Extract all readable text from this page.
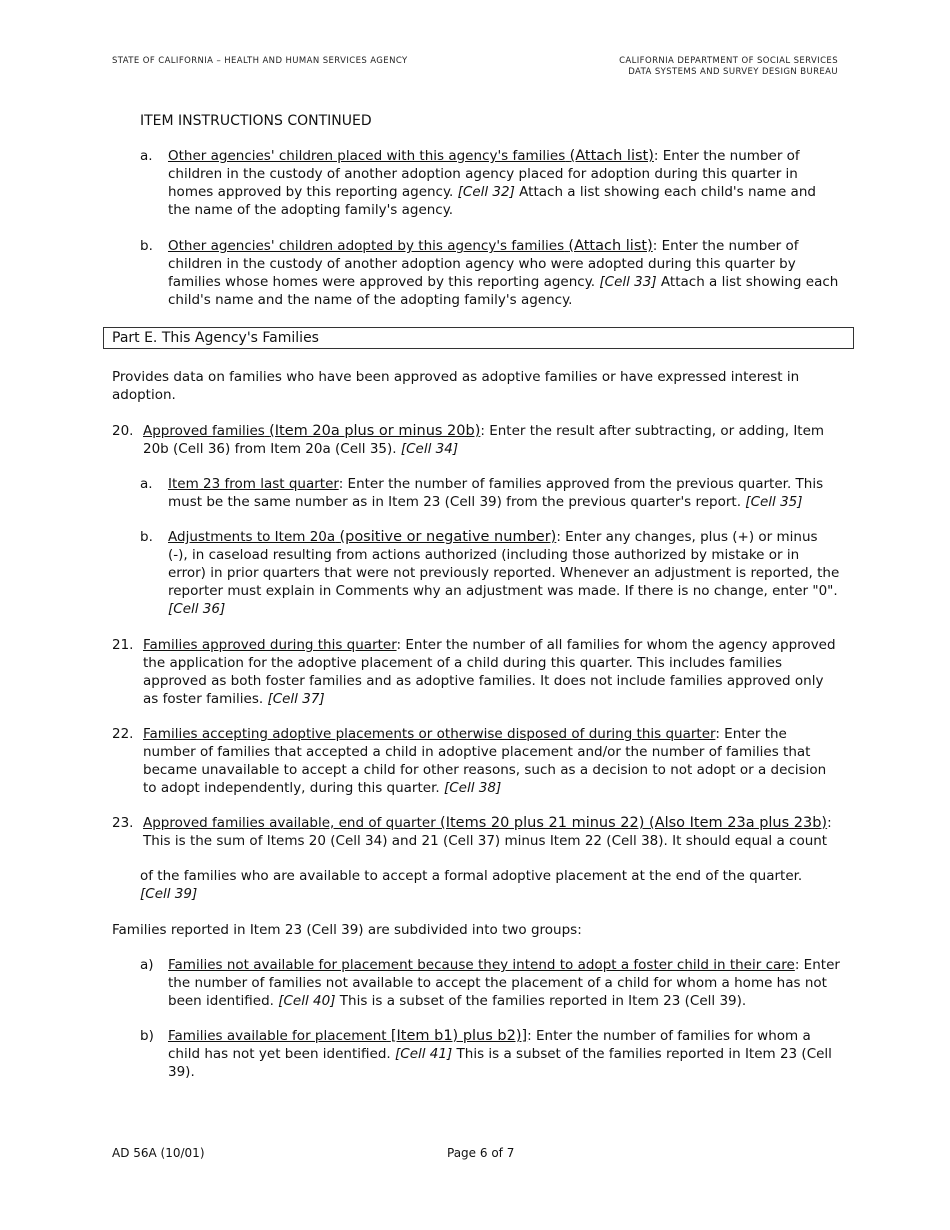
STATE OF CALIFORNIA – HEALTH AND HUMAN SERVICES AGENCY	CALIFORNIA DEPARTMENT OF SOCIAL SERVICES
DATA SYSTEMS AND SURVEY DESIGN BUREAU
ITEM INSTRUCTIONS CONTINUED
a. Other agencies' children placed with this agency's families (Attach list): Enter the number of children in the custody of another adoption agency placed for adoption during this quarter in homes approved by this reporting agency. [Cell 32] Attach a list showing each child's name and the name of the adopting family's agency.
b. Other agencies' children adopted by this agency's families (Attach list): Enter the number of children in the custody of another adoption agency who were adopted during this quarter by families whose homes were approved by this reporting agency. [Cell 33] Attach a list showing each child's name and the name of the adopting family's agency.
Part E. This Agency's Families
Provides data on families who have been approved as adoptive families or have expressed interest in adoption.
20. Approved families (Item 20a plus or minus 20b): Enter the result after subtracting, or adding, Item 20b (Cell 36) from Item 20a (Cell 35). [Cell 34]
a. Item 23 from last quarter: Enter the number of families approved from the previous quarter. This must be the same number as in Item 23 (Cell 39) from the previous quarter's report. [Cell 35]
b. Adjustments to Item 20a (positive or negative number): Enter any changes, plus (+) or minus (-), in caseload resulting from actions authorized (including those authorized by mistake or in error) in prior quarters that were not previously reported. Whenever an adjustment is reported, the reporter must explain in Comments why an adjustment was made. If there is no change, enter "0". [Cell 36]
21. Families approved during this quarter: Enter the number of all families for whom the agency approved the application for the adoptive placement of a child during this quarter. This includes families approved as both foster families and as adoptive families. It does not include families approved only as foster families. [Cell 37]
22. Families accepting adoptive placements or otherwise disposed of during this quarter: Enter the number of families that accepted a child in adoptive placement and/or the number of families that became unavailable to accept a child for other reasons, such as a decision to not adopt or a decision to adopt independently, during this quarter. [Cell 38]
23. Approved families available, end of quarter (Items 20 plus 21 minus 22) (Also Item 23a plus 23b): This is the sum of Items 20 (Cell 34) and 21 (Cell 37) minus Item 22 (Cell 38). It should equal a count
of the families who are available to accept a formal adoptive placement at the end of the quarter.
[Cell 39]
Families reported in Item 23 (Cell 39) are subdivided into two groups:
a) Families not available for placement because they intend to adopt a foster child in their care: Enter the number of families not available to accept the placement of a child for whom a home has not been identified. [Cell 40] This is a subset of the families reported in Item 23 (Cell 39).
b) Families available for placement [Item b1) plus b2)]: Enter the number of families for whom a child has not yet been identified. [Cell 41] This is a subset of the families reported in Item 23 (Cell 39).
AD 56A (10/01)	Page 6 of 7
